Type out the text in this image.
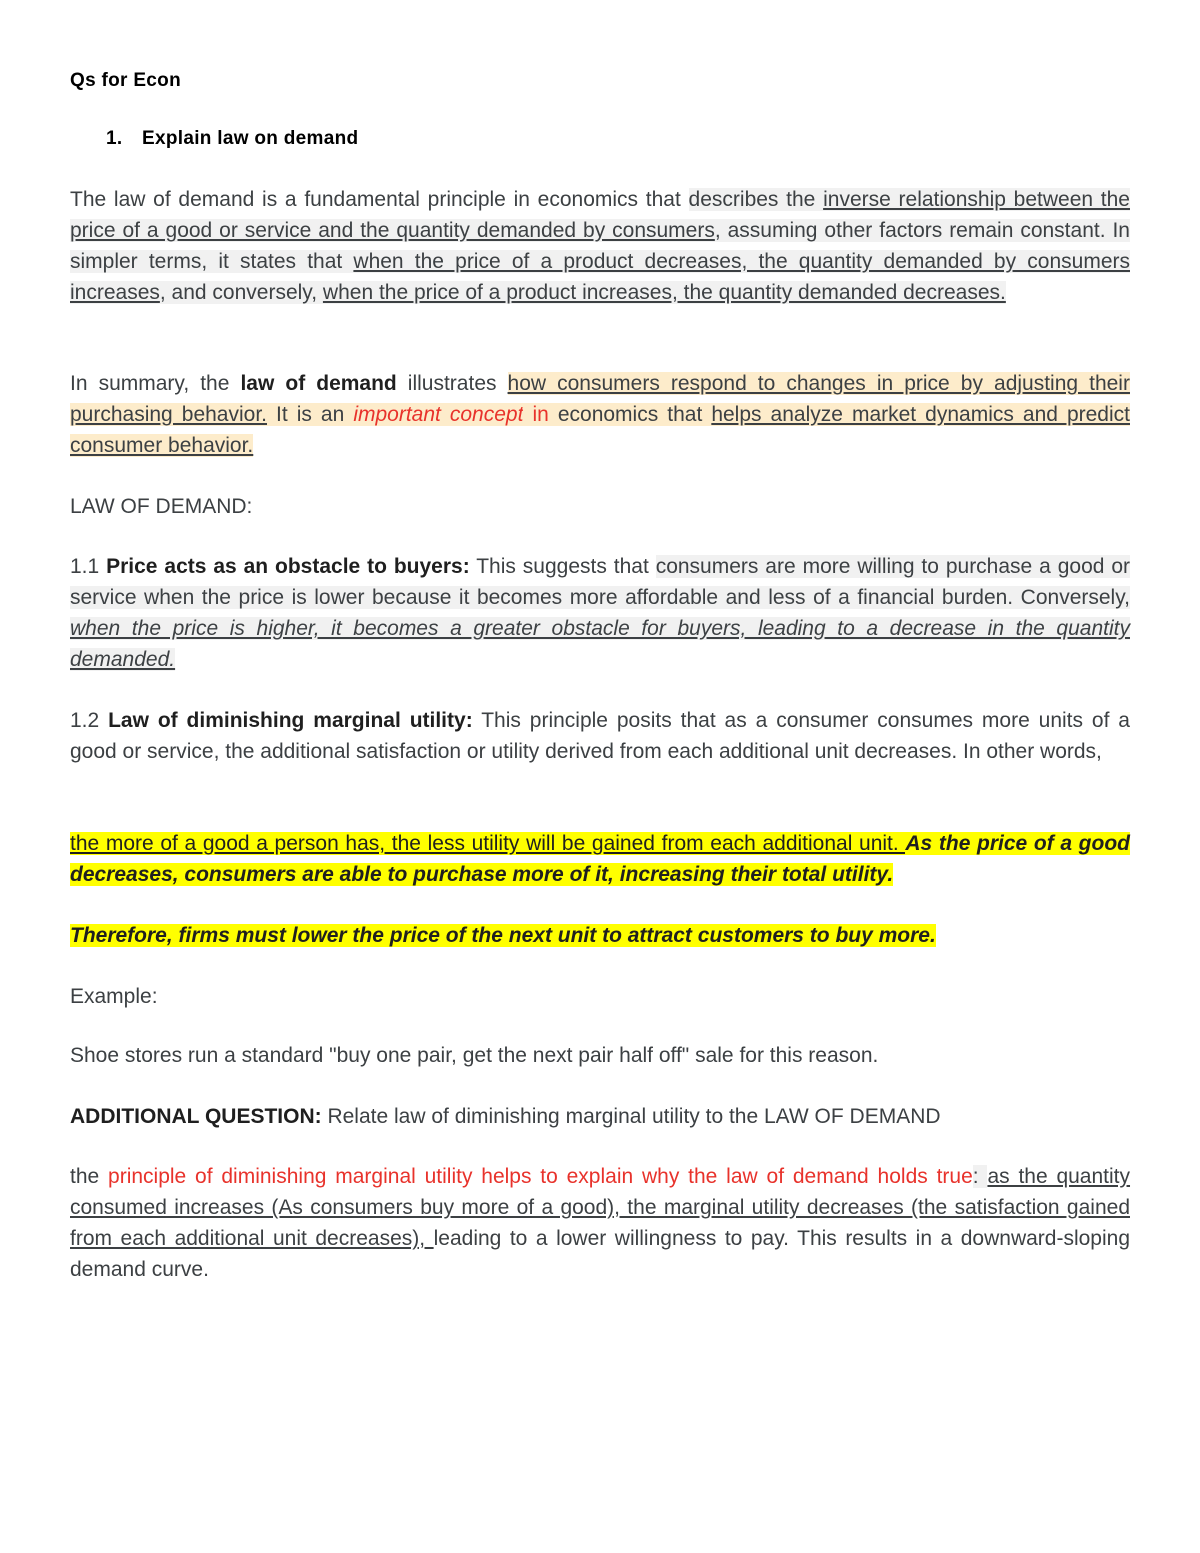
Qs for Econ
1. Explain law on demand

The law of demand is a fundamental principle in economics that describes the inverse relationship between the price of a good or service and the quantity demanded by consumers, assuming other factors remain constant. In simpler terms, it states that when the price of a product decreases, the quantity demanded by consumers increases, and conversely, when the price of a product increases, the quantity demanded decreases.

In summary, the law of demand illustrates how consumers respond to changes in price by adjusting their purchasing behavior. It is an important concept in economics that helps analyze market dynamics and predict consumer behavior.

LAW OF DEMAND:

1.1 Price acts as an obstacle to buyers: This suggests that consumers are more willing to purchase a good or service when the price is lower because it becomes more affordable and less of a financial burden. Conversely, when the price is higher, it becomes a greater obstacle for buyers, leading to a decrease in the quantity demanded.

1.2 Law of diminishing marginal utility: This principle posits that as a consumer consumes more units of a good or service, the additional satisfaction or utility derived from each additional unit decreases. In other words,

the more of a good a person has, the less utility will be gained from each additional unit. As the price of a good decreases, consumers are able to purchase more of it, increasing their total utility.

Therefore, firms must lower the price of the next unit to attract customers to buy more.

Example:

Shoe stores run a standard "buy one pair, get the next pair half off" sale for this reason.

ADDITIONAL QUESTION: Relate law of diminishing marginal utility to the LAW OF DEMAND

the principle of diminishing marginal utility helps to explain why the law of demand holds true: as the quantity consumed increases (As consumers buy more of a good), the marginal utility decreases (the satisfaction gained from each additional unit decreases), leading to a lower willingness to pay. This results in a downward-sloping demand curve.
